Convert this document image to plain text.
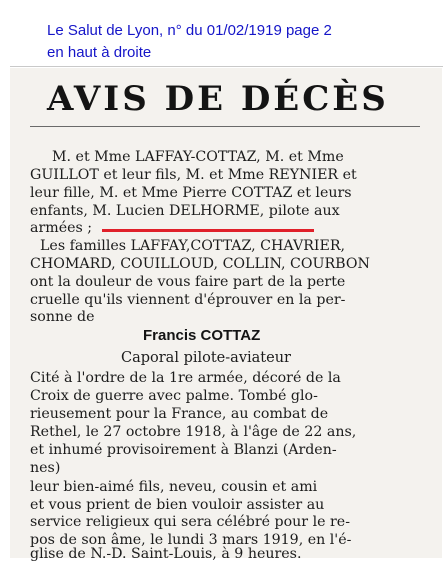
Le Salut de Lyon, n° du 01/02/1919 page 2
en haut à droite
AVIS DE DÉCÈS
M. et Mme LAFFAY-COTTAZ, M. et Mme
GUILLOT et leur fils, M. et Mme REYNIER et
leur fille, M. et Mme Pierre COTTAZ et leurs
enfants, M. Lucien DELHORME, pilote aux
armées ;
Les familles LAFFAY,COTTAZ, CHAVRIER,
CHOMARD, COUILLOUD, COLLIN, COURBON
ont la douleur de vous faire part de la perte
cruelle qu'ils viennent d'éprouver en la per-
sonne de
Francis COTTAZ
Caporal pilote-aviateur
Cité à l'ordre de la 1re armée, décoré de la
Croix de guerre avec palme. Tombé glo-
rieusement pour la France, au combat de
Rethel, le 27 octobre 1918, à l'âge de 22 ans,
et inhumé provisoirement à Blanzi (Arden-
nes)
leur bien-aimé fils, neveu, cousin et ami
et vous prient de bien vouloir assister au
service religieux qui sera célébré pour le re-
pos de son âme, le lundi 3 mars 1919, en l'é-
glise de N.-D. Saint-Louis, à 9 heures.
